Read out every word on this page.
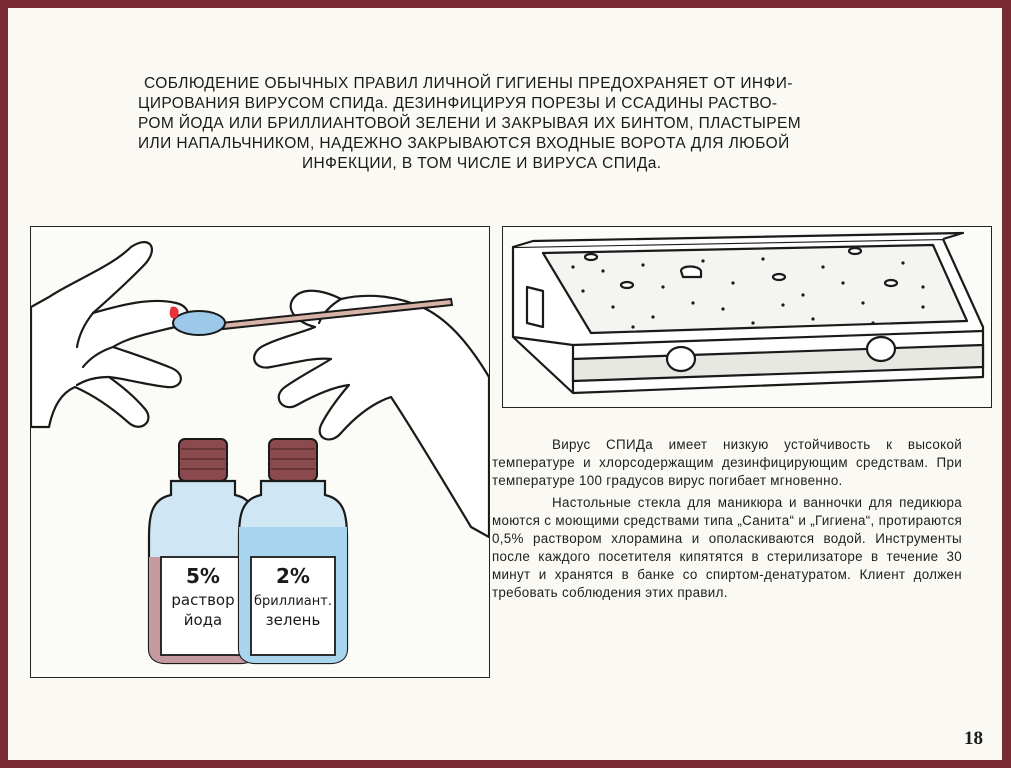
СОБЛЮДЕНИЕ ОБЫЧНЫХ ПРАВИЛ ЛИЧНОЙ ГИГИЕНЫ ПРЕДОХРАНЯЕТ ОТ ИНФИ-
ЦИРОВАНИЯ ВИРУСОМ СПИДа. ДЕЗИНФИЦИРУЯ ПОРЕЗЫ И ССАДИНЫ РАСТВО-
РОМ ЙОДА ИЛИ БРИЛЛИАНТОВОЙ ЗЕЛЕНИ И ЗАКРЫВАЯ ИХ БИНТОМ, ПЛАСТЫРЕМ
ИЛИ НАПАЛЬЧНИКОМ, НАДЕЖНО ЗАКРЫВАЮТСЯ ВХОДНЫЕ ВОРОТА ДЛЯ ЛЮБОЙ
ИНФЕКЦИИ, В ТОМ ЧИСЛЕ И ВИРУСА СПИДа.
5%
раствор
йода
2%
бриллиант.
зелень

Вирус СПИДа имеет низкую устойчивость к высокой температуре и хлорсодержащим дезинфицирующим средствам. При температуре 100 градусов вирус погибает мгновенно.

Настольные стекла для маникюра и ванночки для педикюра моются с моющими средствами типа „Санита“ и „Гигиена“, протираются 0,5% раствором хлорамина и ополаскиваются водой. Инструменты после каждого посетителя кипятятся в стерилизаторе в течение 30 минут и хранятся в банке со спиртом-денатуратом. Клиент должен требовать соблюдения этих правил.

18
